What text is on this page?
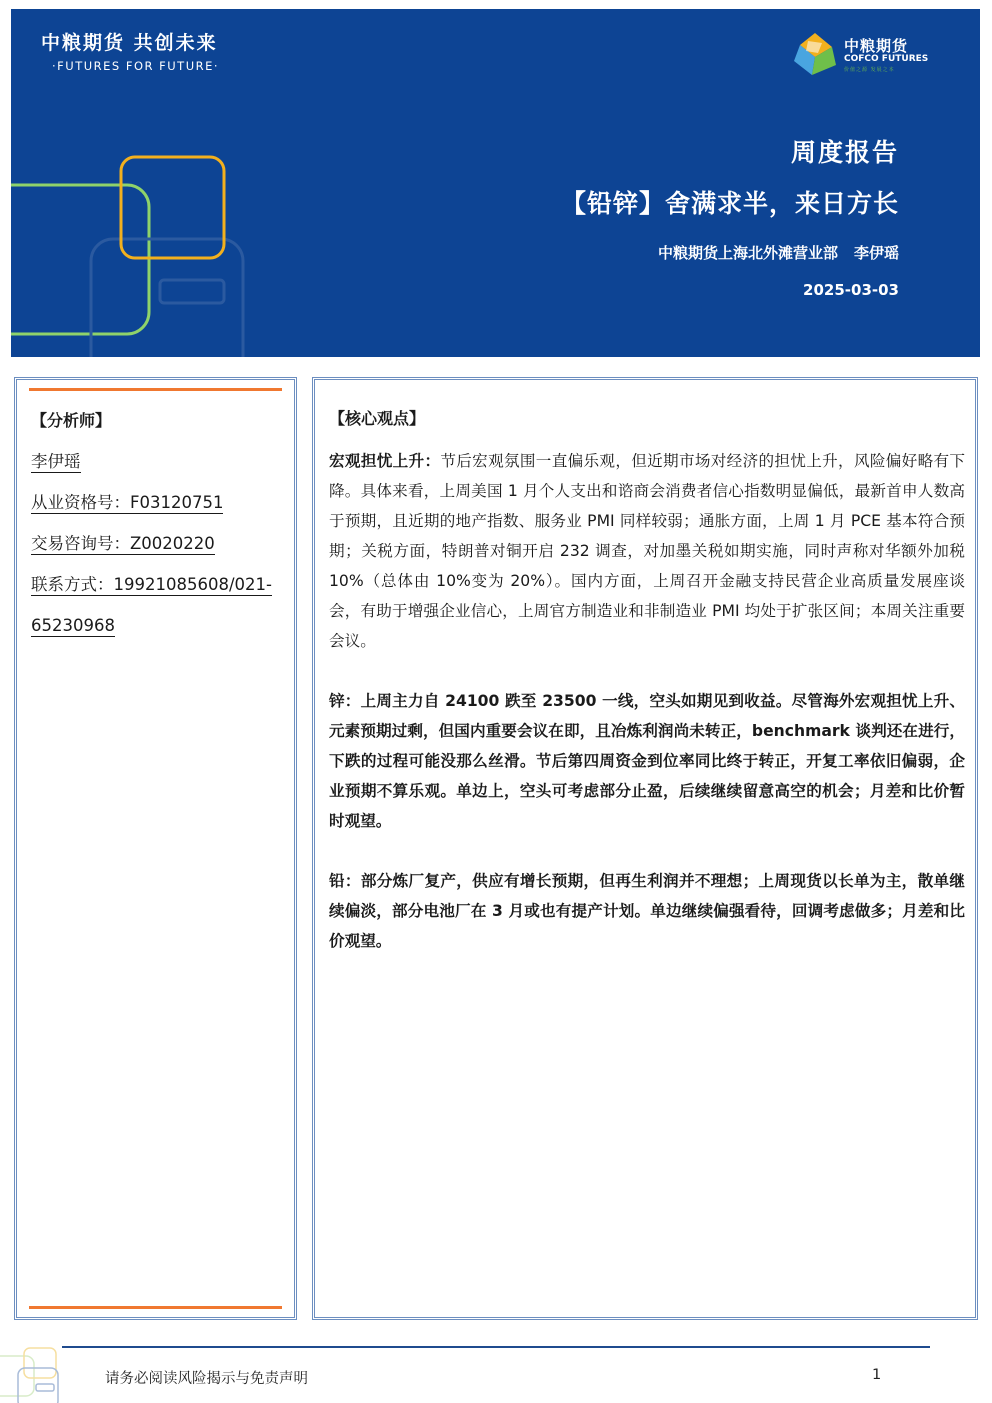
中粮期货 共创未来
·FUTURES FOR FUTURE·
中粮期货
COFCO FUTURES
价值之源 发展之本
周度报告
【铅锌】舍满求半，来日方长
中粮期货上海北外滩营业部 李伊瑶
2025-03-03
【分析师】
李伊瑶
从业资格号：F03120751
交易咨询号：Z0020220
联系方式：19921085608/021-
65230968
【核心观点】

宏观担忧上升：节后宏观氛围一直偏乐观，但近期市场对经济的担忧上升，风险偏好略有下降。具体来看，上周美国 1 月个人支出和谘商会消费者信心指数明显偏低，最新首申人数高于预期，且近期的地产指数、服务业 PMI 同样较弱；通胀方面，上周 1 月 PCE 基本符合预期；关税方面，特朗普对铜开启 232 调查，对加墨关税如期实施，同时声称对华额外加税 10%（总体由 10%变为 20%）。国内方面，上周召开金融支持民营企业高质量发展座谈会，有助于增强企业信心，上周官方制造业和非制造业 PMI 均处于扩张区间；本周关注重要会议。

锌：上周主力自 24100 跌至 23500 一线，空头如期见到收益。尽管海外宏观担忧上升、元素预期过剩，但国内重要会议在即，且冶炼利润尚未转正，benchmark 谈判还在进行，下跌的过程可能没那么丝滑。节后第四周资金到位率同比终于转正，开复工率依旧偏弱，企业预期不算乐观。单边上，空头可考虑部分止盈，后续继续留意高空的机会；月差和比价暂时观望。

铅：部分炼厂复产，供应有增长预期，但再生利润并不理想；上周现货以长单为主，散单继续偏淡，部分电池厂在 3 月或也有提产计划。单边继续偏强看待，回调考虑做多；月差和比价观望。

请务必阅读风险揭示与免责声明	1
